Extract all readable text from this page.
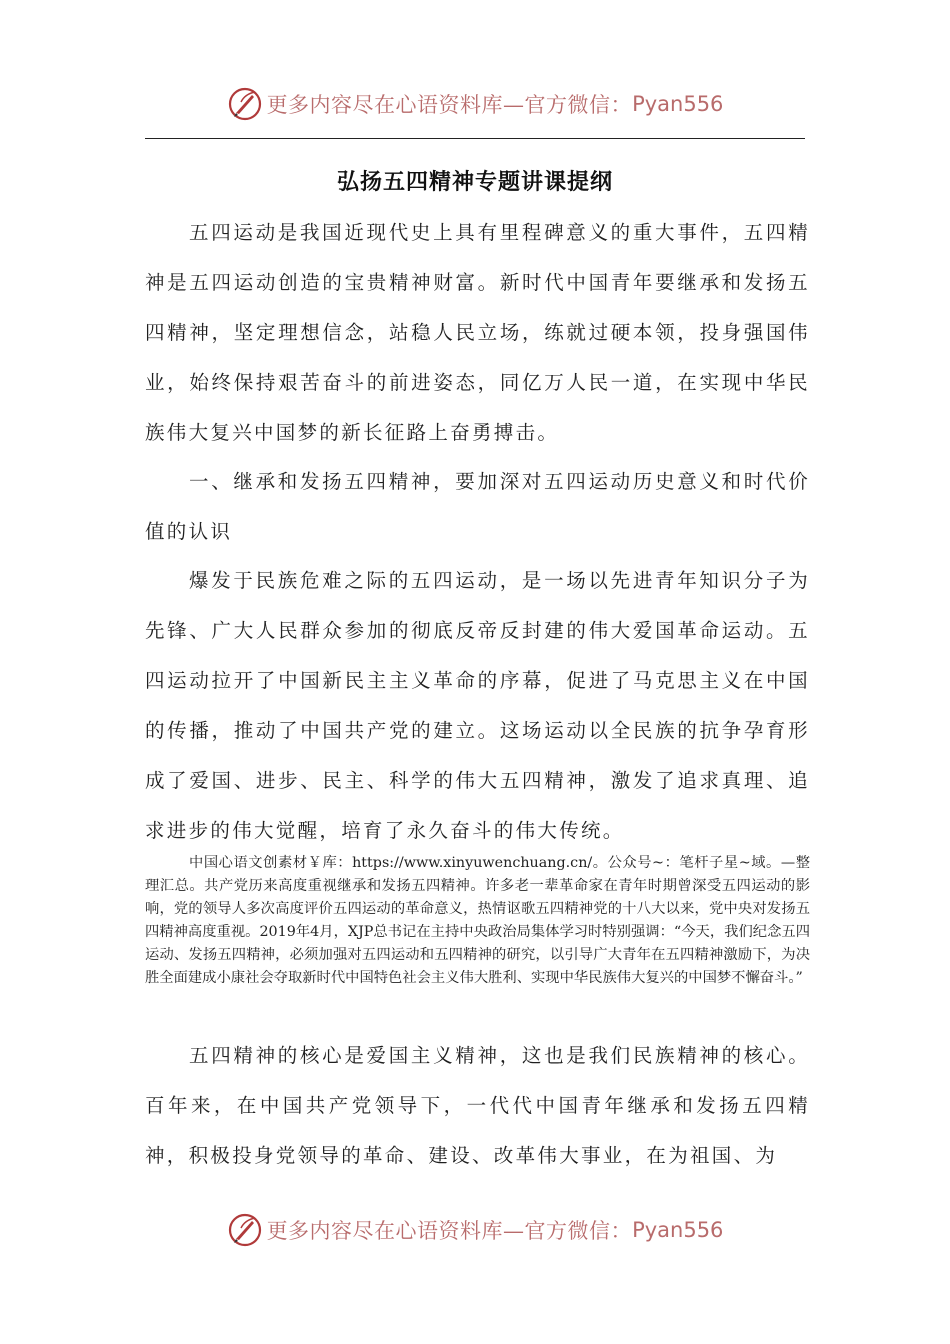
更多内容尽在心语资料库—官方微信： Pyan556
弘扬五四精神专题讲课提纲

五四运动是我国近现代史上具有里程碑意义的重大事件，五四精神是五四运动创造的宝贵精神财富。新时代中国青年要继承和发扬五四精神，坚定理想信念，站稳人民立场，练就过硬本领，投身强国伟业，始终保持艰苦奋斗的前进姿态，同亿万人民一道，在实现中华民族伟大复兴中国梦的新长征路上奋勇搏击。

一、继承和发扬五四精神，要加深对五四运动历史意义和时代价值的认识

爆发于民族危难之际的五四运动，是一场以先进青年知识分子为先锋、广大人民群众参加的彻底反帝反封建的伟大爱国革命运动。五四运动拉开了中国新民主主义革命的序幕，促进了马克思主义在中国的传播，推动了中国共产党的建立。这场运动以全民族的抗争孕育形成了爱国、进步、民主、科学的伟大五四精神，激发了追求真理、追求进步的伟大觉醒，培育了永久奋斗的伟大传统。

中国心语文创素材￥库：https://www.xinyuwenchuang.cn/。公众号~：笔杆子星~域。—整理汇总。共产党历来高度重视继承和发扬五四精神。许多老一辈革命家在青年时期曾深受五四运动的影响，党的领导人多次高度评价五四运动的革命意义，热情讴歌五四精神党的十八大以来，党中央对发扬五四精神高度重视。2019年4月，XJP总书记在主持中央政治局集体学习时特别强调：“今天，我们纪念五四运动、发扬五四精神，必须加强对五四运动和五四精神的研究，以引导广大青年在五四精神激励下，为决胜全面建成小康社会夺取新时代中国特色社会主义伟大胜利、实现中华民族伟大复兴的中国梦不懈奋斗。”

五四精神的核心是爱国主义精神，这也是我们民族精神的核心。百年来，在中国共产党领导下，一代代中国青年继承和发扬五四精神，积极投身党领导的革命、建设、改革伟大事业，在为祖国、为

更多内容尽在心语资料库—官方微信： Pyan556
